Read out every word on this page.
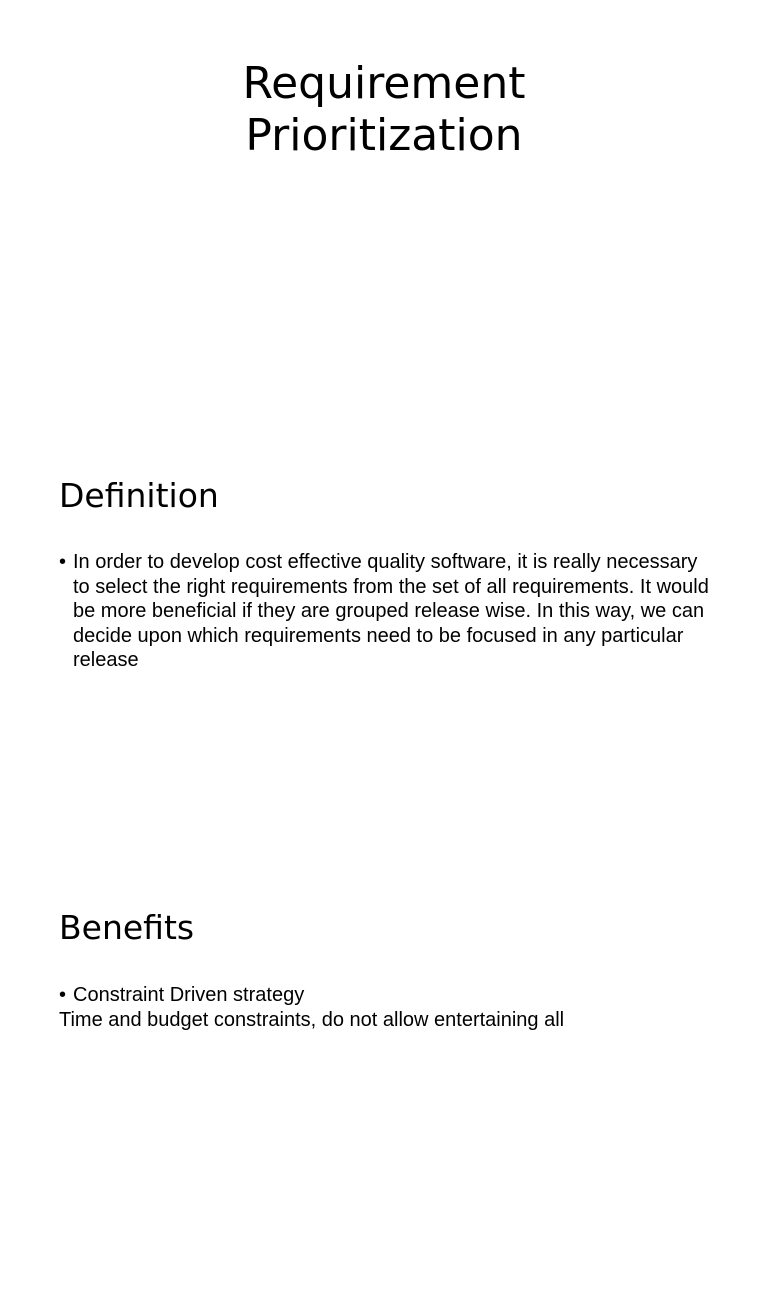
Requirement
Prioritization
Definition
• In order to develop cost effective quality software, it is really necessary to select the right requirements from the set of all requirements. It would be more beneficial if they are grouped release wise. In this way, we can decide upon which requirements need to be focused in any particular release
Benefits
• Constraint Driven strategy
Time and budget constraints, do not allow entertaining all
